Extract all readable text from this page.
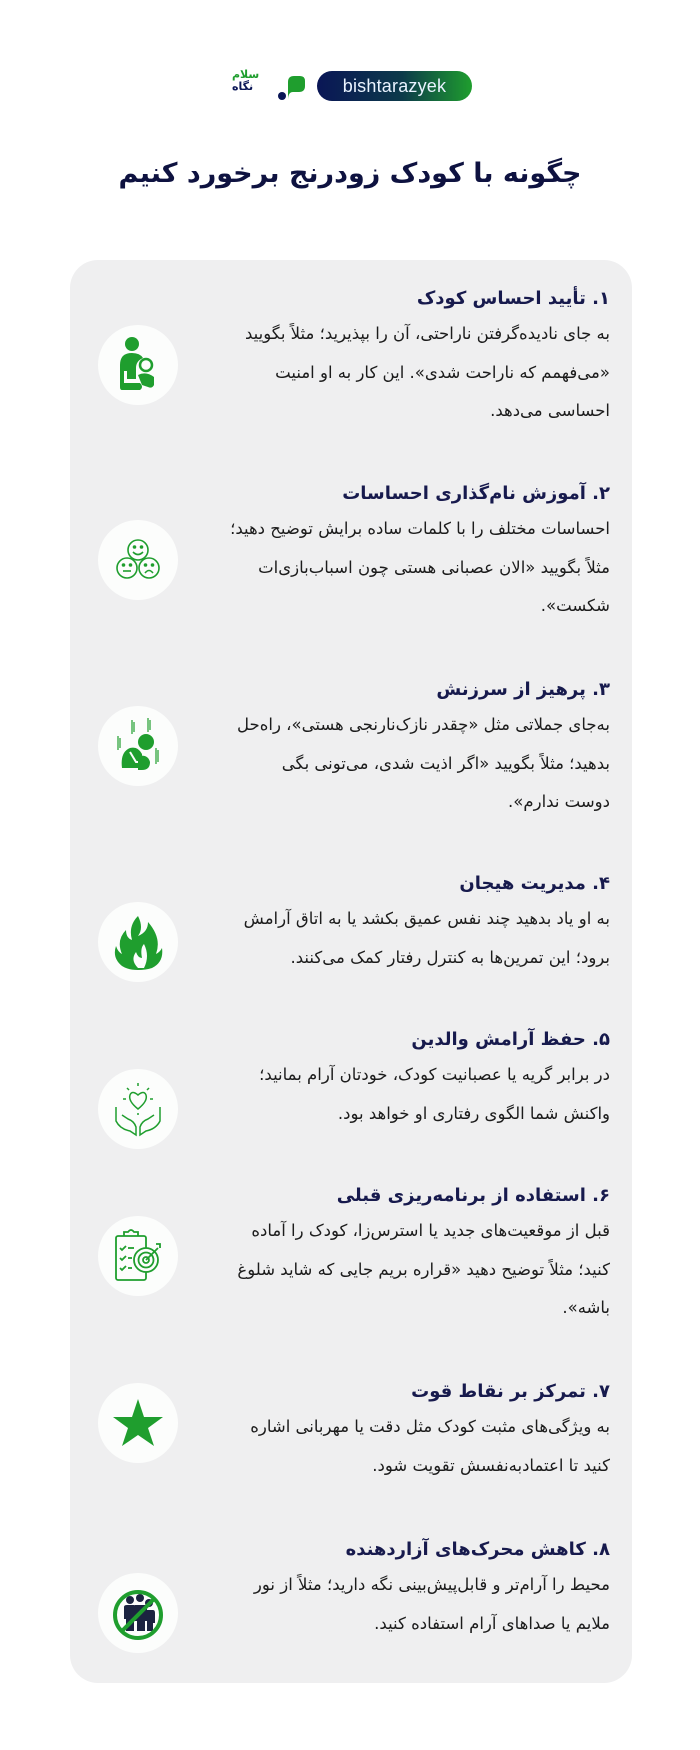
سلام
نگاه	bishtarazyek
چگونه با کودک زودرنج برخورد کنیم
۱. تأیید احساس کودک
به جای نادیده‌گرفتن ناراحتی، آن را بپذیرید؛ مثلاً بگویید
«می‌فهمم که ناراحت شدی». این کار به او امنیت
احساسی می‌دهد.
۲. آموزش نام‌گذاری احساسات
احساسات مختلف را با کلمات ساده برایش توضیح دهید؛
مثلاً بگویید «الان عصبانی هستی چون اسباب‌بازی‌ات
شکست».
۳. پرهیز از سرزنش
به‌جای جملاتی مثل «چقدر نازک‌نارنجی هستی»، راه‌حل
بدهید؛ مثلاً بگویید «اگر اذیت شدی، می‌تونی بگی
دوست ندارم».
۴. مدیریت هیجان
به او یاد بدهید چند نفس عمیق بکشد یا به اتاق آرامش
برود؛ این تمرین‌ها به کنترل رفتار کمک می‌کنند.
۵. حفظ آرامش والدین
در برابر گریه یا عصبانیت کودک، خودتان آرام بمانید؛
واکنش شما الگوی رفتاری او خواهد بود.
۶. استفاده از برنامه‌ریزی قبلی
قبل از موقعیت‌های جدید یا استرس‌زا، کودک را آماده
کنید؛ مثلاً توضیح دهید «قراره بریم جایی که شاید شلوغ
باشه».
۷. تمرکز بر نقاط قوت
به ویژگی‌های مثبت کودک مثل دقت یا مهربانی اشاره
کنید تا اعتمادبه‌نفسش تقویت شود.
۸. کاهش محرک‌های آزاردهنده
محیط را آرام‌تر و قابل‌پیش‌بینی نگه دارید؛ مثلاً از نور
ملایم یا صداهای آرام استفاده کنید.
